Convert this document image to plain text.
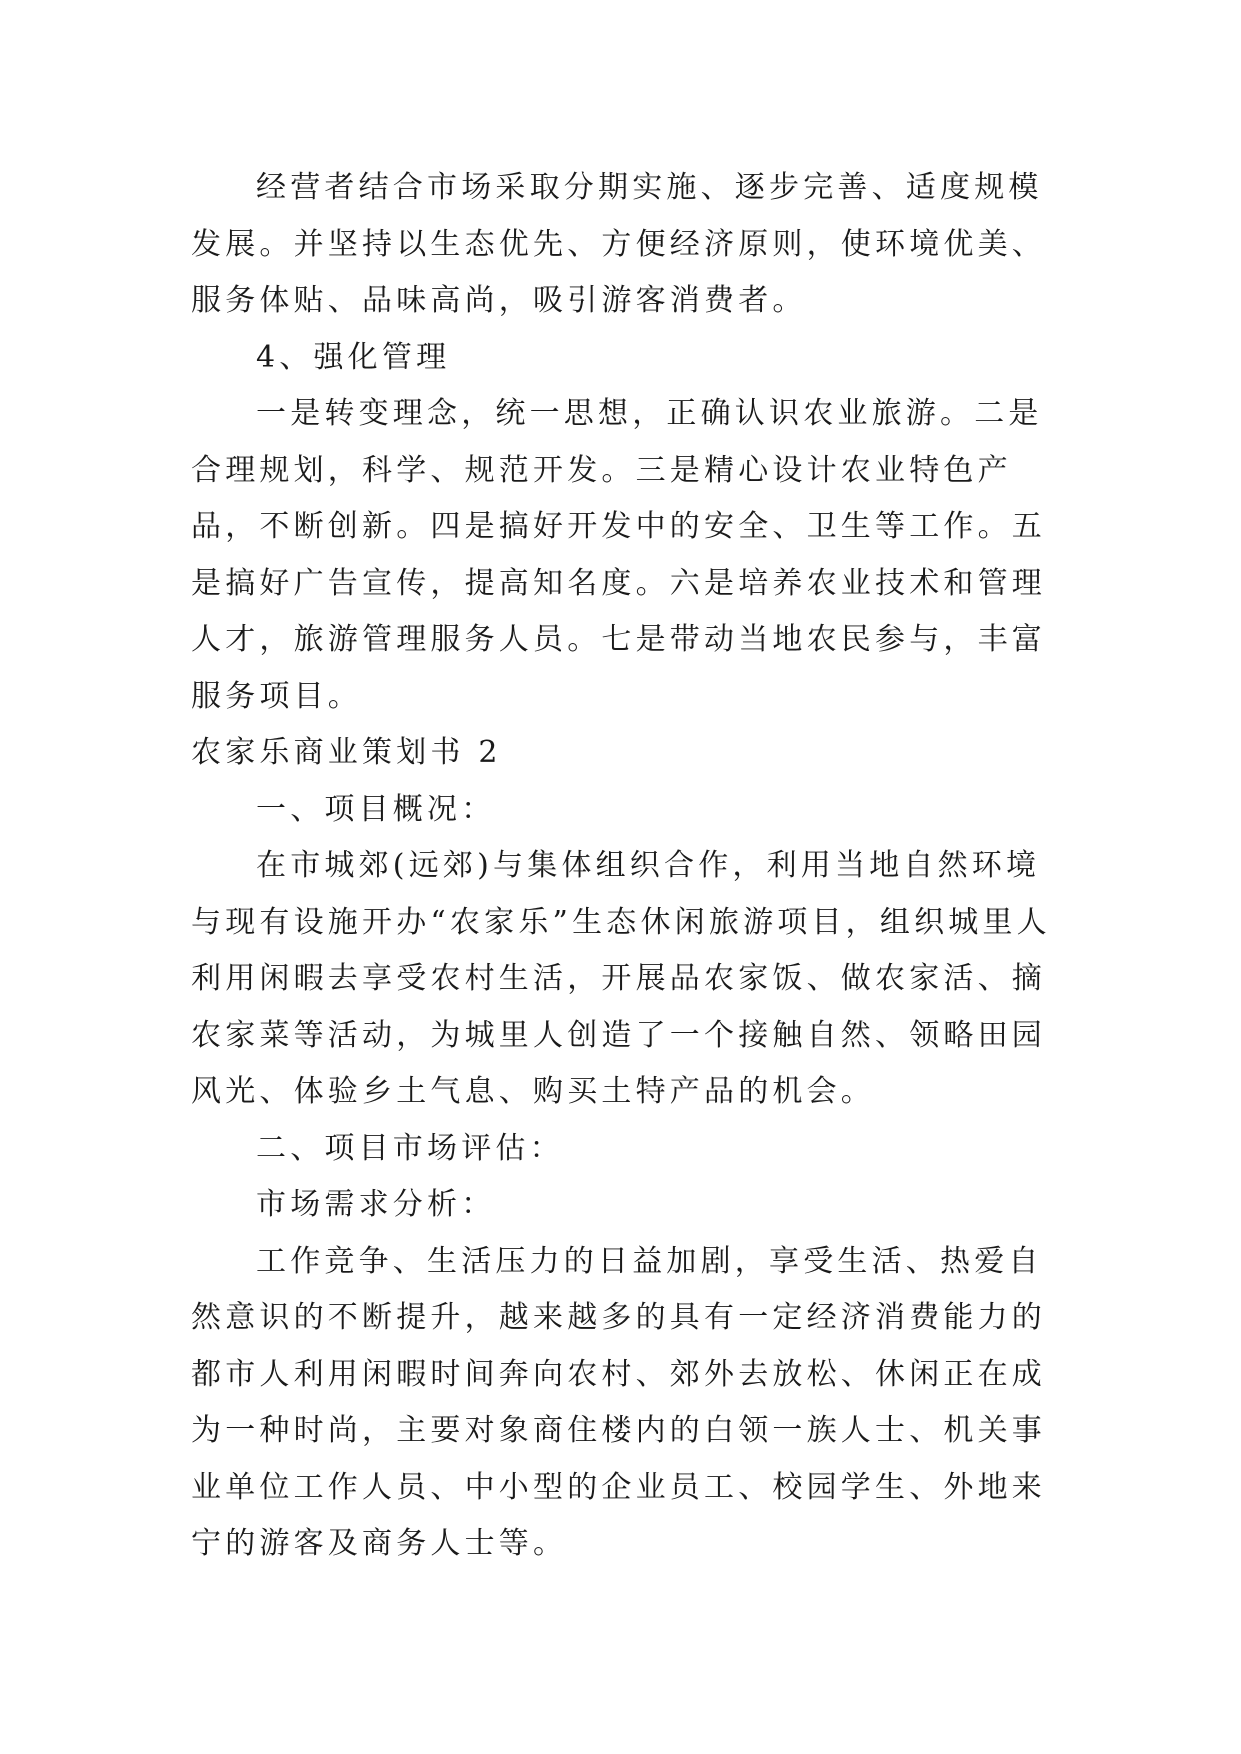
经营者结合市场采取分期实施、逐步完善、适度规模发展。并坚持以生态优先、方便经济原则，使环境优美、服务体贴、品味高尚，吸引游客消费者。

4、强化管理

一是转变理念，统一思想，正确认识农业旅游。二是合理规划，科学、规范开发。三是精心设计农业特色产品，不断创新。四是搞好开发中的安全、卫生等工作。五是搞好广告宣传，提高知名度。六是培养农业技术和管理人才，旅游管理服务人员。七是带动当地农民参与，丰富服务项目。

农家乐商业策划书 2

一、项目概况：

在市城郊(远郊)与集体组织合作，利用当地自然环境与现有设施开办“农家乐”生态休闲旅游项目，组织城里人利用闲暇去享受农村生活，开展品农家饭、做农家活、摘农家菜等活动，为城里人创造了一个接触自然、领略田园风光、体验乡土气息、购买土特产品的机会。

二、项目市场评估：

市场需求分析：

工作竞争、生活压力的日益加剧，享受生活、热爱自然意识的不断提升，越来越多的具有一定经济消费能力的都市人利用闲暇时间奔向农村、郊外去放松、休闲正在成为一种时尚，主要对象商住楼内的白领一族人士、机关事业单位工作人员、中小型的企业员工、校园学生、外地来宁的游客及商务人士等。
